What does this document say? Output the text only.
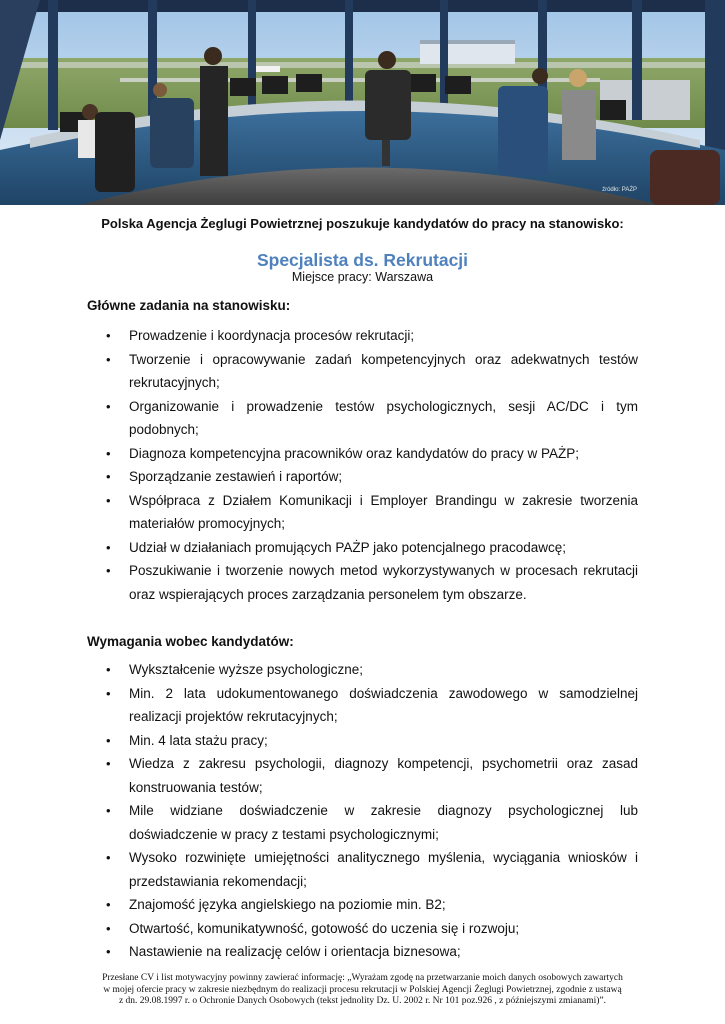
źródło: PAŻP
Polska Agencja Żeglugi Powietrznej poszukuje kandydatów do pracy na stanowisko:
Specjalista ds. Rekrutacji
Miejsce pracy: Warszawa
Główne zadania na stanowisku:
• Prowadzenie i koordynacja procesów rekrutacji;
• Tworzenie i opracowywanie zadań kompetencyjnych oraz adekwatnych testów rekrutacyjnych;
• Organizowanie i prowadzenie testów psychologicznych, sesji AC/DC i tym podobnych;
• Diagnoza kompetencyjna pracowników oraz kandydatów do pracy w PAŻP;
• Sporządzanie zestawień i raportów;
• Współpraca z Działem Komunikacji i Employer Brandingu w zakresie tworzenia materiałów promocyjnych;
• Udział w działaniach promujących PAŻP jako potencjalnego pracodawcę;
• Poszukiwanie i tworzenie nowych metod wykorzystywanych w procesach rekrutacji oraz wspierających proces zarządzania personelem tym obszarze.
Wymagania wobec kandydatów:
• Wykształcenie wyższe psychologiczne;
• Min. 2 lata udokumentowanego doświadczenia zawodowego w samodzielnej realizacji projektów rekrutacyjnych;
• Min. 4 lata stażu pracy;
• Wiedza z zakresu psychologii, diagnozy kompetencji, psychometrii oraz zasad konstruowania testów;
• Mile widziane doświadczenie w zakresie diagnozy psychologicznej lub doświadczenie w pracy z testami psychologicznymi;
• Wysoko rozwinięte umiejętności analitycznego myślenia, wyciągania wniosków i przedstawiania rekomendacji;
• Znajomość języka angielskiego na poziomie min. B2;
• Otwartość, komunikatywność, gotowość do uczenia się i rozwoju;
• Nastawienie na realizację celów i orientacja biznesowa;
Przesłane CV i list motywacyjny powinny zawierać informację: „Wyrażam zgodę na przetwarzanie moich danych osobowych zawartych
w mojej ofercie pracy w zakresie niezbędnym do realizacji procesu rekrutacji w Polskiej Agencji Żeglugi Powietrznej, zgodnie z ustawą
z dn. 29.08.1997 r. o Ochronie Danych Osobowych (tekst jednolity Dz. U. 2002 r. Nr 101 poz.926 , z późniejszymi zmianami)”.
